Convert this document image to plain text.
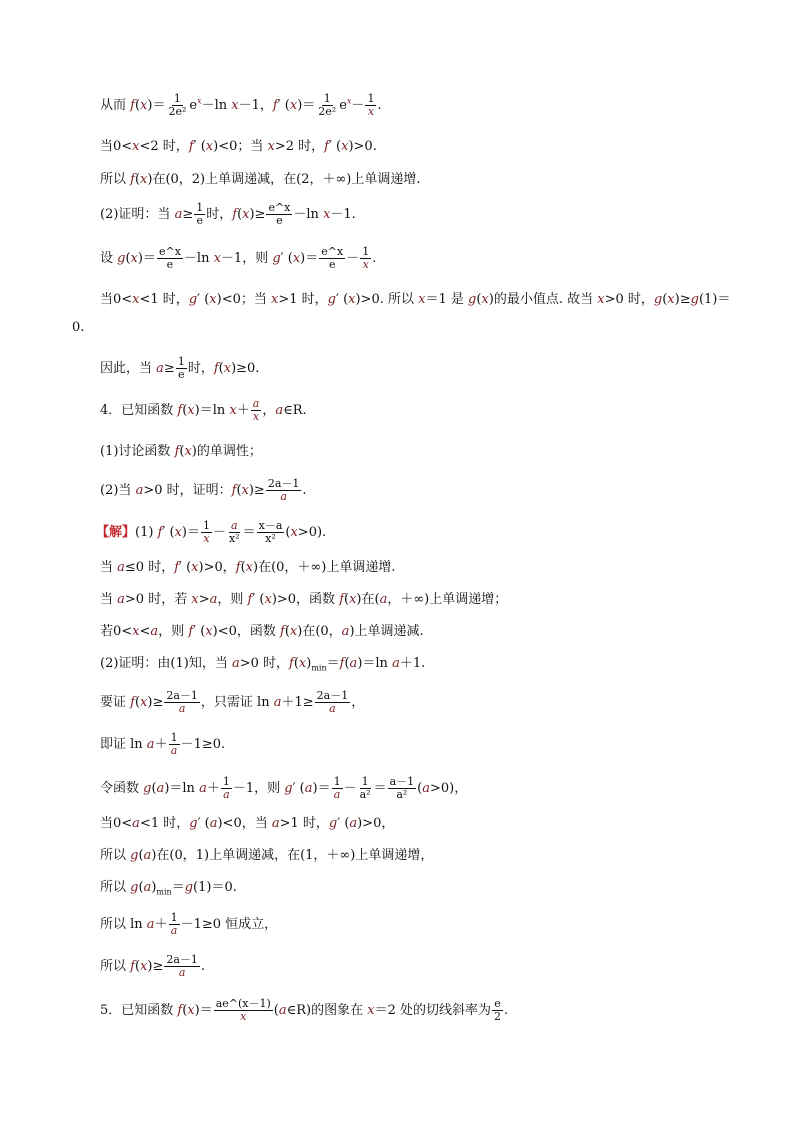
从而 $f(x)= \frac{1}{\text{2e²}} e^x-\ln$ x－1，f′ $(x)= \frac{1}{\text{2e²}} e^x- \frac{1}{x}$ .
当0<x<2 时，f′ (x)<0；当 x>2 时，f′ (x)>0.
所以 f(x)在(0，2)上单调递减，在(2，＋∞)上单调递增.
(2)证明：当 $a\ge \frac{1}{e}$ 时，$f(x)\ge \frac{e\^{}x}{e} -\ln$ x－1.
设 $g(x)= \frac{e\^{}x}{e} -\ln$ x－1，则 g′ $(x)= \frac{e\^{}x}{e} - \frac{1}{x}$ .
当0<x<1 时，g′ (x)<0；当 x>1 时，g′ (x)>0. 所以 x＝1 是 g(x)的最小值点. 故当 x>0 时，g(x)≥g(1)＝
0.
因此，当 $a\ge \frac{1}{e}$ 时，f(x)≥0.
4．已知函数 f(x)＝ln $x+ \frac{a}{x}$ ，a∈R.
(1)讨论函数 f(x)的单调性；
(2)当 a>0 时，证明：$f(x)\ge \frac{2a-1}{a}$ .
【解】(1) f′ $(x)= \frac{1}{x} - \frac{a}{\text{x²}} = \frac{x-a}{\text{x²}} (x>0)$.
当 a≤0 时，f′ (x)>0，f(x)在(0，＋∞)上单调递增.
当 a>0 时，若 x>a，则 f′ (x)>0，函数 f(x)在(a，＋∞)上单调递增；
若0<x<a，则 f′ (x)<0，函数 f(x)在(0，a)上单调递减.
(2)证明：由(1)知，当 a>0 时，$f(x)_{min}=f(a)=\ln$ a＋1.
要证 $f(x)\ge \frac{2a-1}{a}$ ，只需证 $\ln a+1\ge \frac{2a-1}{a}$ ，
即证 $\ln a+ \frac{1}{a} -1\ge 0$.
令函数 g(a)＝ln $a+ \frac{1}{a} -1$，则 g′ $(a)= \frac{1}{a} - \frac{1}{\text{a²}} = \frac{a-1}{\text{a²}} (a>0)$，
当0<a<1 时，g′ (a)<0，当 a>1 时，g′ (a)>0，
所以 g(a)在(0，1)上单调递减，在(1，＋∞)上单调递增，
所以 $g(a)_{min}=g(1)=0$.
所以 $\ln a+ \frac{1}{a} -1\ge 0$ 恒成立，
所以 $f(x)\ge \frac{2a-1}{a}$ .
5．已知函数 $f(x)= \frac{ae\^{}(x-1)}{x}$ (a∈R)的图象在 x＝2 处的切线斜率为 $\frac{e}{2}$ .
